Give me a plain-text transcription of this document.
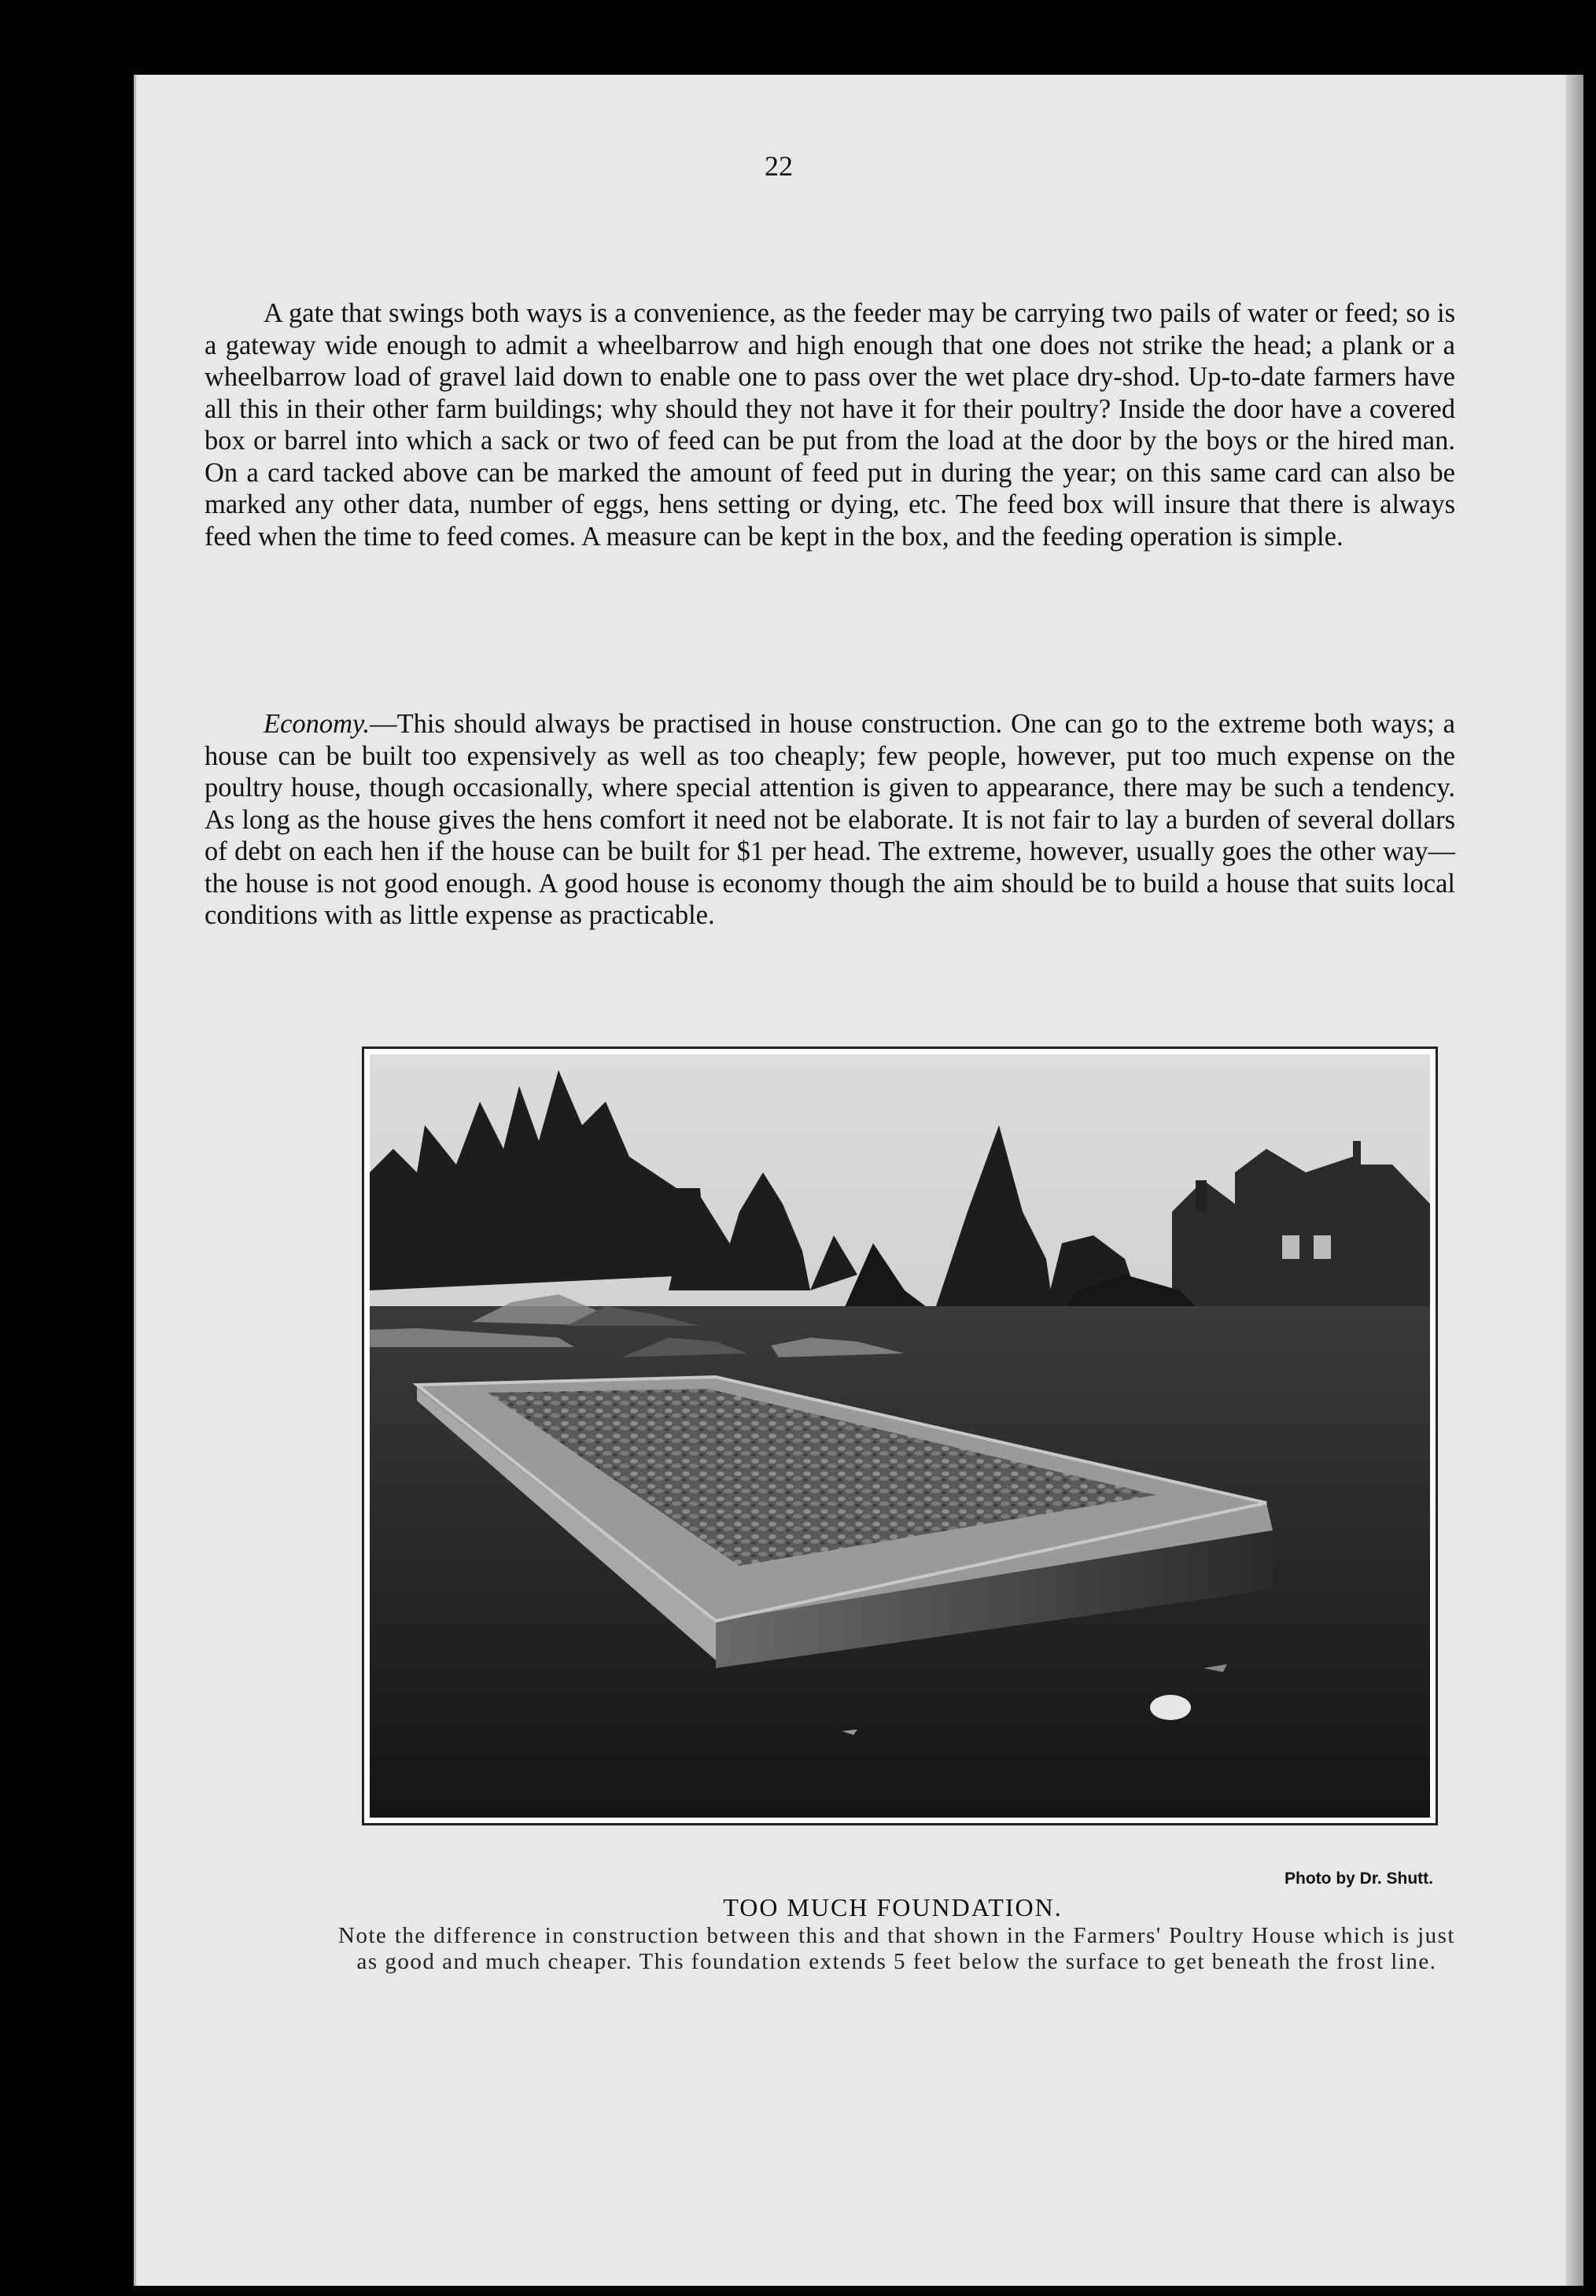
22

A gate that swings both ways is a convenience, as the feeder may be carrying two pails of water or feed; so is a gateway wide enough to admit a wheelbarrow and high enough that one does not strike the head; a plank or a wheelbarrow load of gravel laid down to enable one to pass over the wet place dry-shod. Up-to-date farmers have all this in their other farm buildings; why should they not have it for their poultry? Inside the door have a covered box or barrel into which a sack or two of feed can be put from the load at the door by the boys or the hired man. On a card tacked above can be marked the amount of feed put in during the year; on this same card can also be marked any other data, number of eggs, hens setting or dying, etc. The feed box will insure that there is always feed when the time to feed comes. A measure can be kept in the box, and the feeding operation is simple.

Economy.—This should always be practised in house construction. One can go to the extreme both ways; a house can be built too expensively as well as too cheaply; few people, however, put too much expense on the poultry house, though occasionally, where special attention is given to appearance, there may be such a tendency. As long as the house gives the hens comfort it need not be elaborate. It is not fair to lay a burden of several dollars of debt on each hen if the house can be built for $1 per head. The extreme, however, usually goes the other way—the house is not good enough. A good house is economy though the aim should be to build a house that suits local conditions with as little expense as practicable.

Photo by Dr. Shutt.

TOO MUCH FOUNDATION.

Note the difference in construction between this and that shown in the Farmers' Poultry House which is just as good and much cheaper. This foundation extends 5 feet below the surface to get beneath the frost line.
